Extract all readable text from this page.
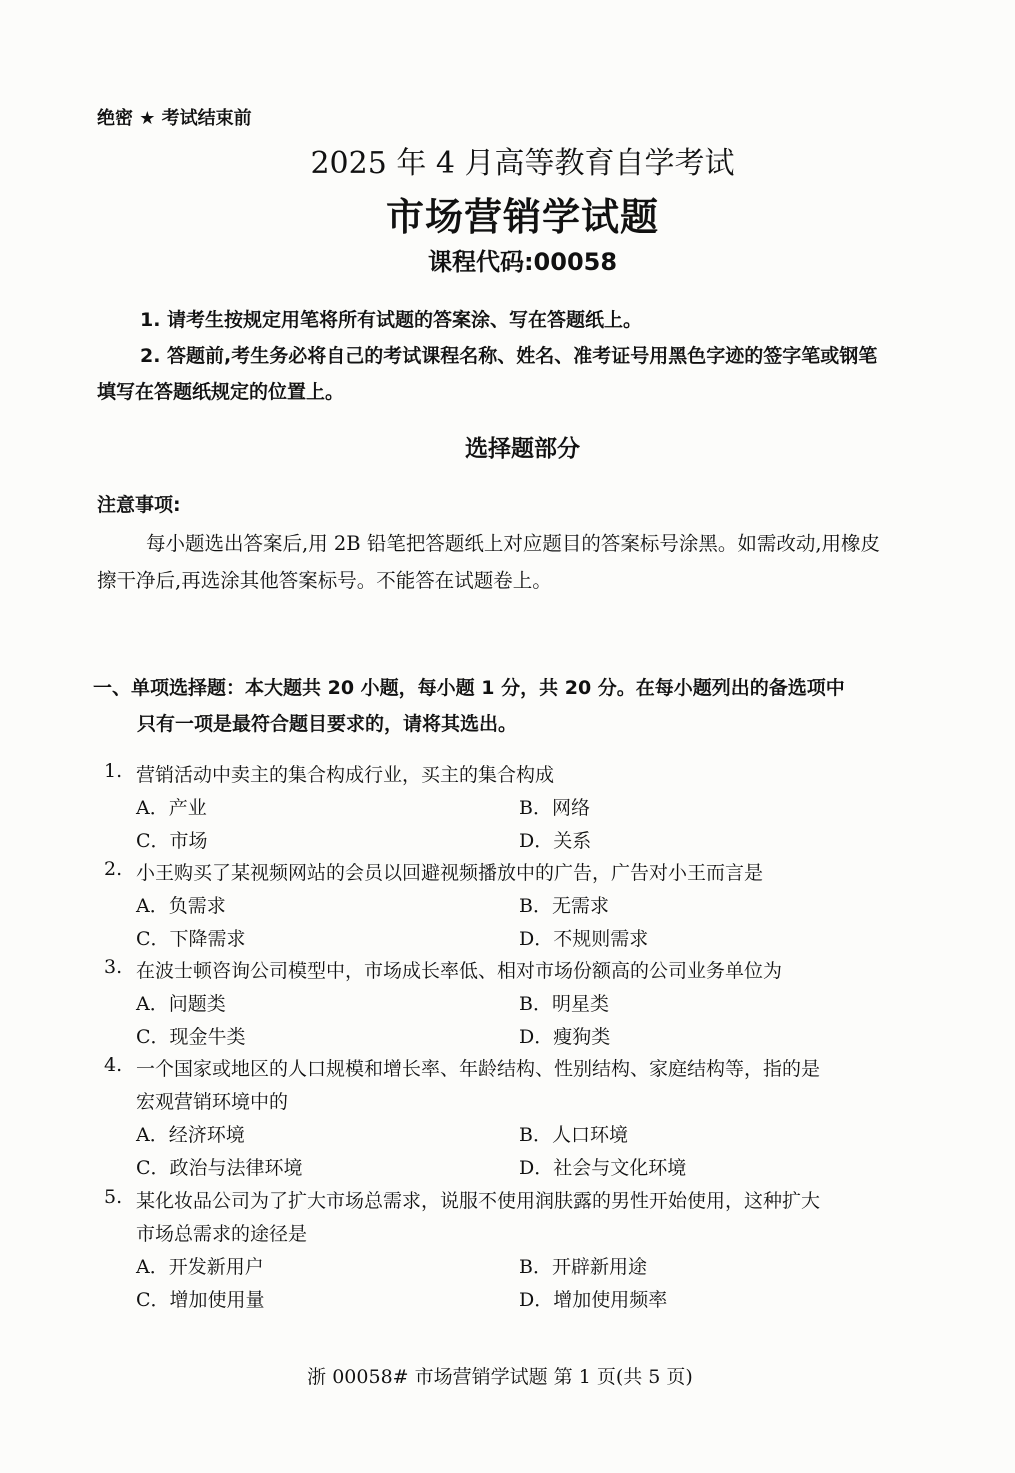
绝密 ★ 考试结束前
2025 年 4 月高等教育自学考试
市场营销学试题
课程代码:00058
1. 请考生按规定用笔将所有试题的答案涂、写在答题纸上。
2. 答题前,考生务必将自己的考试课程名称、姓名、准考证号用黑色字迹的签字笔或钢笔
填写在答题纸规定的位置上。
选择题部分
注意事项:
每小题选出答案后,用 2B 铅笔把答题纸上对应题目的答案标号涂黑。如需改动,用橡皮
擦干净后,再选涂其他答案标号。不能答在试题卷上。
一、单项选择题：本大题共 20 小题，每小题 1 分，共 20 分。在每小题列出的备选项中
只有一项是最符合题目要求的，请将其选出。
1. 营销活动中卖主的集合构成行业，买主的集合构成
A．产业	B．网络
C．市场	D．关系
2. 小王购买了某视频网站的会员以回避视频播放中的广告，广告对小王而言是
A．负需求	B．无需求
C．下降需求	D．不规则需求
3. 在波士顿咨询公司模型中，市场成长率低、相对市场份额高的公司业务单位为
A．问题类	B．明星类
C．现金牛类	D．瘦狗类
4. 一个国家或地区的人口规模和增长率、年龄结构、性别结构、家庭结构等，指的是
宏观营销环境中的
A．经济环境	B．人口环境
C．政治与法律环境	D．社会与文化环境
5. 某化妆品公司为了扩大市场总需求，说服不使用润肤露的男性开始使用，这种扩大
市场总需求的途径是
A．开发新用户	B．开辟新用途
C．增加使用量	D．增加使用频率
浙 00058# 市场营销学试题 第 1 页(共 5 页)
